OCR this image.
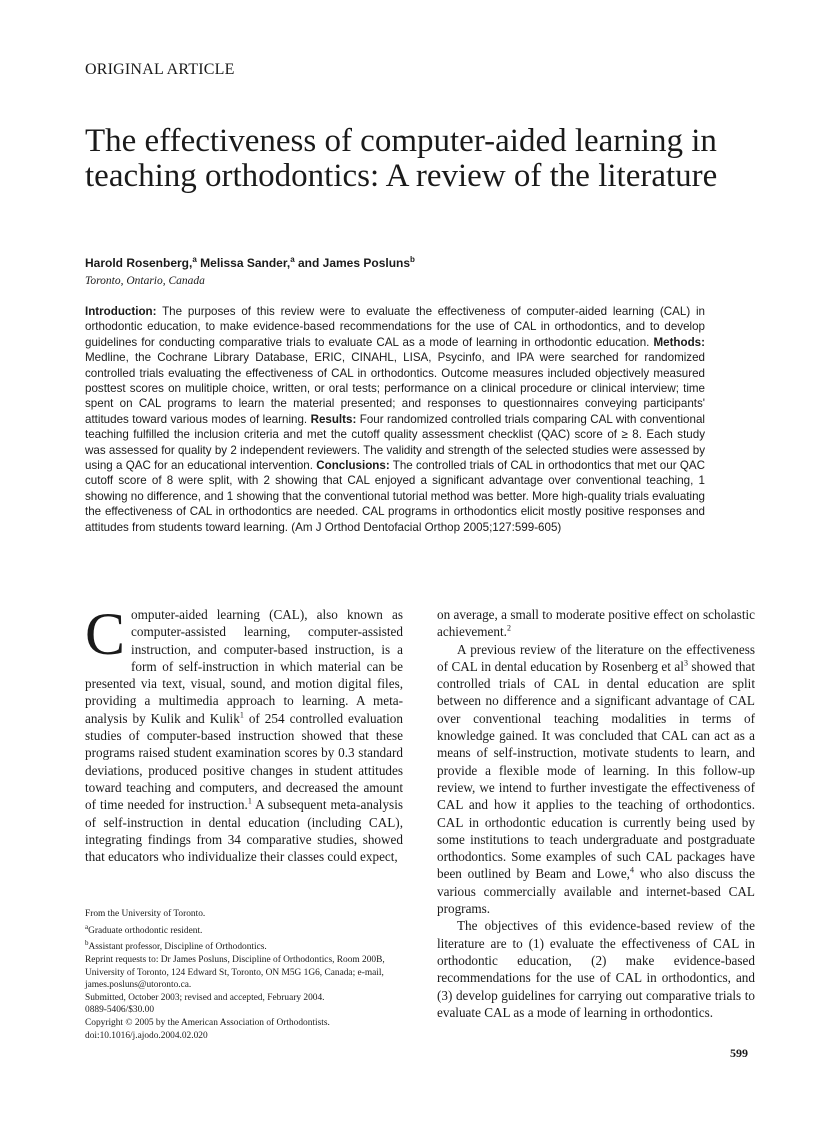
ORIGINAL ARTICLE
The effectiveness of computer-aided learning in teaching orthodontics: A review of the literature
Harold Rosenberg,$^a$ Melissa Sander,$^a$ and James Posluns$^b$
Toronto, Ontario, Canada

Introduction: The purposes of this review were to evaluate the effectiveness of computer-aided learning (CAL) in orthodontic education, to make evidence-based recommendations for the use of CAL in orthodontics, and to develop guidelines for conducting comparative trials to evaluate CAL as a mode of learning in orthodontic education. Methods: Medline, the Cochrane Library Database, ERIC, CINAHL, LISA, Psycinfo, and IPA were searched for randomized controlled trials evaluating the effectiveness of CAL in orthodontics. Outcome measures included objectively measured posttest scores on mulitiple choice, written, or oral tests; performance on a clinical procedure or clinical interview; time spent on CAL programs to learn the material presented; and responses to questionnaires conveying participants' attitudes toward various modes of learning. Results: Four randomized controlled trials comparing CAL with conventional teaching fulfilled the inclusion criteria and met the cutoff quality assessment checklist (QAC) score of ≥ 8. Each study was assessed for quality by 2 independent reviewers. The validity and strength of the selected studies were assessed by using a QAC for an educational intervention. Conclusions: The controlled trials of CAL in orthodontics that met our QAC cutoff score of 8 were split, with 2 showing that CAL enjoyed a significant advantage over conventional teaching, 1 showing no difference, and 1 showing that the conventional tutorial method was better. More high-quality trials evaluating the effectiveness of CAL in orthodontics are needed. CAL programs in orthodontics elicit mostly positive responses and attitudes from students toward learning. (Am J Orthod Dentofacial Orthop 2005;127:599-605)

Computer-aided learning (CAL), also known as computer-assisted learning, computer-assisted instruction, and computer-based instruction, is a form of self-instruction in which material can be presented via text, visual, sound, and motion digital files, providing a multimedia approach to learning. A meta-analysis by Kulik and Kulik$^1$ of 254 controlled evaluation studies of computer-based instruction showed that these programs raised student examination scores by 0.3 standard deviations, produced positive changes in student attitudes toward teaching and computers, and decreased the amount of time needed for instruction.$^1$ A subsequent meta-analysis of self-instruction in dental education (including CAL), integrating findings from 34 comparative studies, showed that educators who individualize their classes could expect,

on average, a small to moderate positive effect on scholastic achievement.$^2$

A previous review of the literature on the effectiveness of CAL in dental education by Rosenberg et $al^3$ showed that controlled trials of CAL in dental education are split between no difference and a significant advantage of CAL over conventional teaching modalities in terms of knowledge gained. It was concluded that CAL can act as a means of self-instruction, motivate students to learn, and provide a flexible mode of learning. In this follow-up review, we intend to further investigate the effectiveness of CAL and how it applies to the teaching of orthodontics. CAL in orthodontic education is currently being used by some institutions to teach undergraduate and postgraduate orthodontics. Some examples of such CAL packages have been outlined by Beam and Lowe,$^4$ who also discuss the various commercially available and internet-based CAL programs.

The objectives of this evidence-based review of the literature are to (1) evaluate the effectiveness of CAL in orthodontic education, (2) make evidence-based recommendations for the use of CAL in orthodontics, and (3) develop guidelines for carrying out comparative trials to evaluate CAL as a mode of learning in orthodontics.

From the University of Toronto.
$^a$Graduate orthodontic resident.
$^b$Assistant professor, Discipline of Orthodontics.
Reprint requests to: Dr James Posluns, Discipline of Orthodontics, Room 200B,
University of Toronto, 124 Edward St, Toronto, ON M5G 1G6, Canada; e-mail,
james.posluns@utoronto.ca.
Submitted, October 2003; revised and accepted, February 2004.
0889-5406/$30.00
Copyright © 2005 by the American Association of Orthodontists.
doi:10.1016/j.ajodo.2004.02.020
599
